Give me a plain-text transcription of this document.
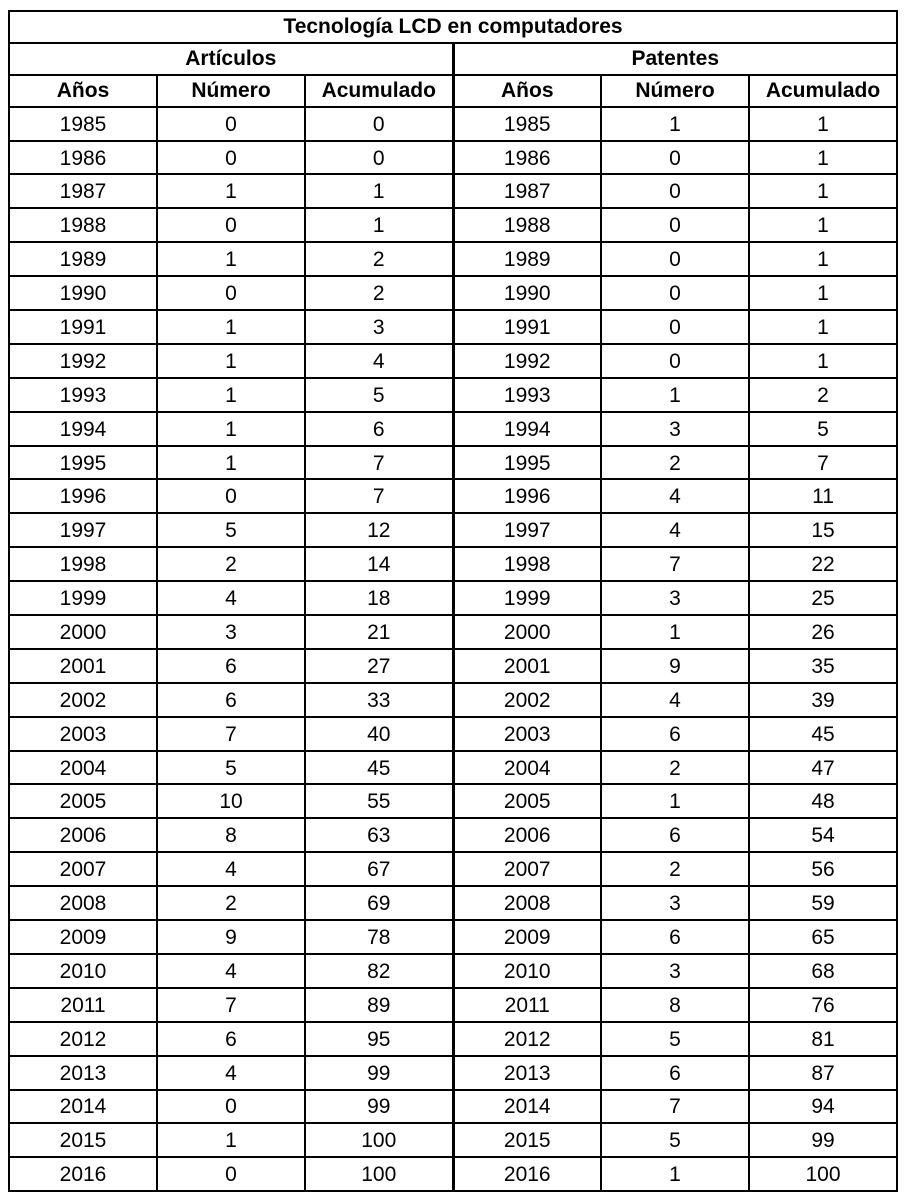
Tecnología LCD en computadores					
Artículos			Patentes		
Años	Número	Acumulado	Años	Número	Acumulado
1985	0	0	1985	1	1
1986	0	0	1986	0	1
1987	1	1	1987	0	1
1988	0	1	1988	0	1
1989	1	2	1989	0	1
1990	0	2	1990	0	1
1991	1	3	1991	0	1
1992	1	4	1992	0	1
1993	1	5	1993	1	2
1994	1	6	1994	3	5
1995	1	7	1995	2	7
1996	0	7	1996	4	11
1997	5	12	1997	4	15
1998	2	14	1998	7	22
1999	4	18	1999	3	25
2000	3	21	2000	1	26
2001	6	27	2001	9	35
2002	6	33	2002	4	39
2003	7	40	2003	6	45
2004	5	45	2004	2	47
2005	10	55	2005	1	48
2006	8	63	2006	6	54
2007	4	67	2007	2	56
2008	2	69	2008	3	59
2009	9	78	2009	6	65
2010	4	82	2010	3	68
2011	7	89	2011	8	76
2012	6	95	2012	5	81
2013	4	99	2013	6	87
2014	0	99	2014	7	94
2015	1	100	2015	5	99
2016	0	100	2016	1	100
